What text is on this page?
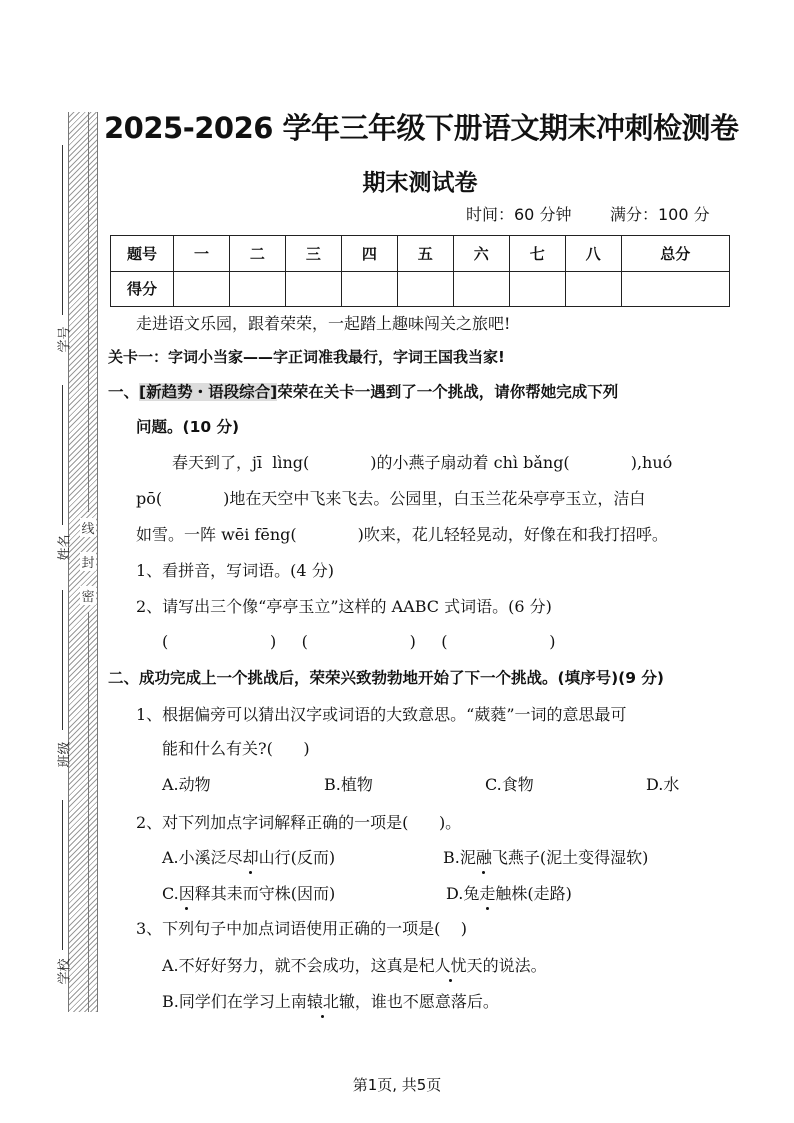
线
封
密
学号
姓名
班级
学校
2025-2026 学年三年级下册语文期末冲刺检测卷
期末测试卷
时间：60 分钟 满分：100 分
题号	一	二	三	四	五	六	七	八	总分
得分									
走进语文乐园，跟着荣荣，一起踏上趣味闯关之旅吧!
关卡一：字词小当家——字正词准我最行，字词王国我当家!
一、[新趋势・语段综合]荣荣在关卡一遇到了一个挑战，请你帮她完成下列
问题。(10 分)
春天到了，jī  lìng(            )的小燕子扇动着 chì bǎng(            ),huó
pō(            )地在天空中飞来飞去。公园里，白玉兰花朵亭亭玉立，洁白
如雪。一阵 wēi fēng(            )吹来，花儿轻轻晃动，好像在和我打招呼。
1、看拼音，写词语。(4 分)
2、请写出三个像“亭亭玉立”这样的 AABC 式词语。(6 分)
(                    )     (                    )     (                    )
二、成功完成上一个挑战后，荣荣兴致勃勃地开始了下一个挑战。(填序号)(9 分)
1、根据偏旁可以猜出汉字或词语的大致意思。“葳蕤”一词的意思最可
能和什么有关?(      )
A.动物	B.植物	C.食物	D.水
2、对下列加点字词解释正确的一项是(      )。
A.小溪泛尽却山行(反而)	B.泥融飞燕子(泥土变得湿软)
C.因释其耒而守株(因而)	D.兔走触株(走路)
3、下列句子中加点词语使用正确的一项是(    )
A.不好好努力，就不会成功，这真是杞人忧天的说法。
B.同学们在学习上南辕北辙，谁也不愿意落后。
第1页, 共5页
